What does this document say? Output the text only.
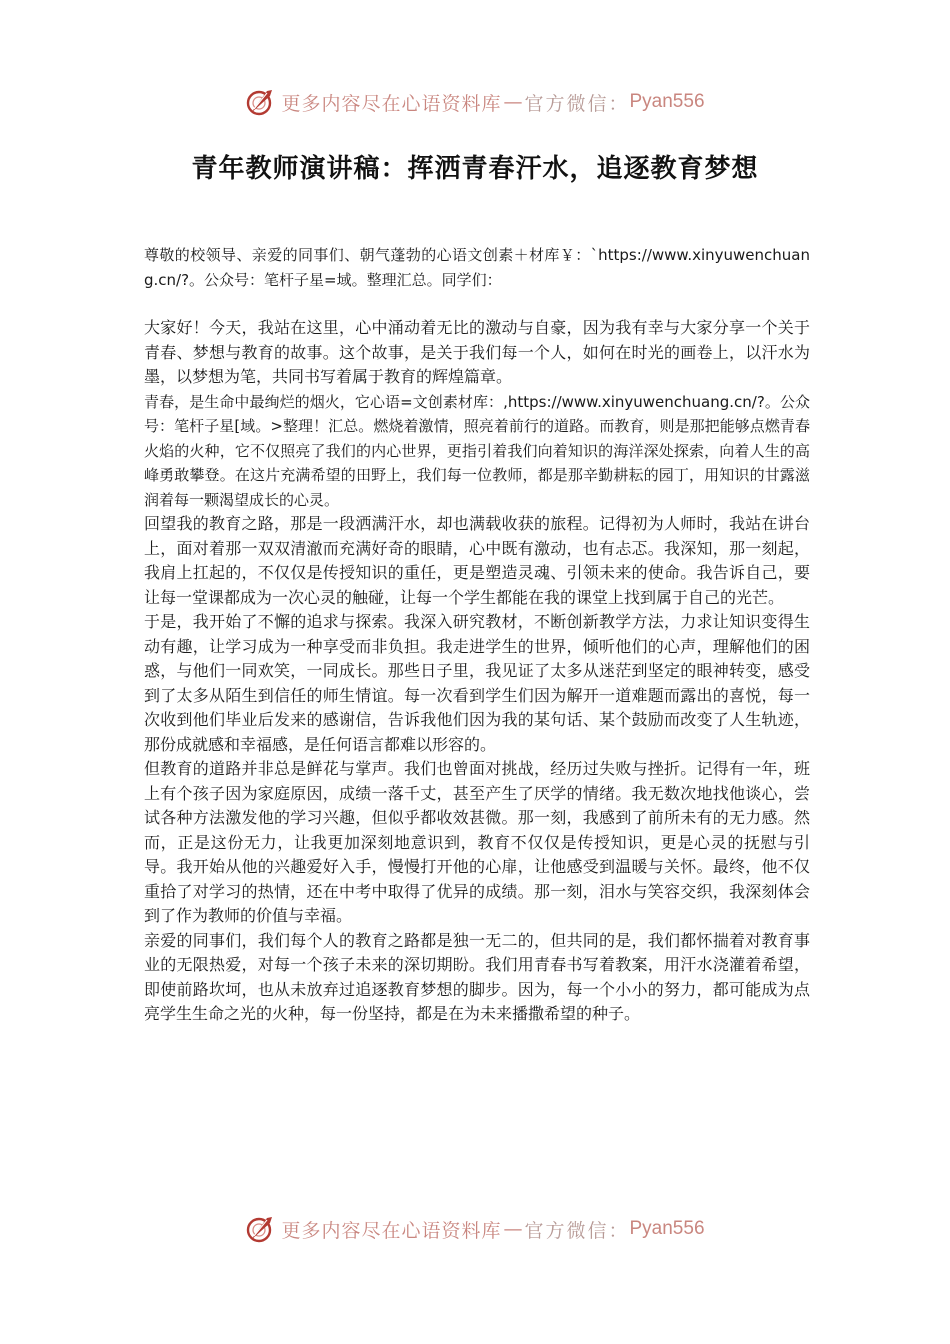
更多内容尽在心语资料库 — 官方微信： Pyan556
青年教师演讲稿：挥洒青春汗水，追逐教育梦想

尊敬的校领导、亲爱的同事们、朝气蓬勃的心语文创素＋材库￥：`https://www.xinyuwenchuang.cn/?。公众号：笔杆子星=域。整理汇总。同学们：

大家好！今天，我站在这里，心中涌动着无比的激动与自豪，因为我有幸与大家分享一个关于青春、梦想与教育的故事。这个故事，是关于我们每一个人，如何在时光的画卷上，以汗水为墨，以梦想为笔，共同书写着属于教育的辉煌篇章。

青春，是生命中最绚烂的烟火，它心语=文创素材库：,https://www.xinyuwenchuang.cn/?。公众号：笔杆子星[域。>整理！汇总。燃烧着激情，照亮着前行的道路。而教育，则是那把能够点燃青春火焰的火种，它不仅照亮了我们的内心世界，更指引着我们向着知识的海洋深处探索，向着人生的高峰勇敢攀登。在这片充满希望的田野上，我们每一位教师，都是那辛勤耕耘的园丁，用知识的甘露滋润着每一颗渴望成长的心灵。

回望我的教育之路，那是一段洒满汗水，却也满载收获的旅程。记得初为人师时，我站在讲台上，面对着那一双双清澈而充满好奇的眼睛，心中既有激动，也有忐忑。我深知，那一刻起，我肩上扛起的，不仅仅是传授知识的重任，更是塑造灵魂、引领未来的使命。我告诉自己，要让每一堂课都成为一次心灵的触碰，让每一个学生都能在我的课堂上找到属于自己的光芒。

于是，我开始了不懈的追求与探索。我深入研究教材，不断创新教学方法，力求让知识变得生动有趣，让学习成为一种享受而非负担。我走进学生的世界，倾听他们的心声，理解他们的困惑，与他们一同欢笑，一同成长。那些日子里，我见证了太多从迷茫到坚定的眼神转变，感受到了太多从陌生到信任的师生情谊。每一次看到学生们因为解开一道难题而露出的喜悦，每一次收到他们毕业后发来的感谢信，告诉我他们因为我的某句话、某个鼓励而改变了人生轨迹，那份成就感和幸福感，是任何语言都难以形容的。

但教育的道路并非总是鲜花与掌声。我们也曾面对挑战，经历过失败与挫折。记得有一年，班上有个孩子因为家庭原因，成绩一落千丈，甚至产生了厌学的情绪。我无数次地找他谈心，尝试各种方法激发他的学习兴趣，但似乎都收效甚微。那一刻，我感到了前所未有的无力感。然而，正是这份无力，让我更加深刻地意识到，教育不仅仅是传授知识，更是心灵的抚慰与引导。我开始从他的兴趣爱好入手，慢慢打开他的心扉，让他感受到温暖与关怀。最终，他不仅重拾了对学习的热情，还在中考中取得了优异的成绩。那一刻，泪水与笑容交织，我深刻体会到了作为教师的价值与幸福。

亲爱的同事们，我们每个人的教育之路都是独一无二的，但共同的是，我们都怀揣着对教育事业的无限热爱，对每一个孩子未来的深切期盼。我们用青春书写着教案，用汗水浇灌着希望，即使前路坎坷，也从未放弃过追逐教育梦想的脚步。因为，每一个小小的努力，都可能成为点亮学生生命之光的火种，每一份坚持，都是在为未来播撒希望的种子。

更多内容尽在心语资料库 — 官方微信： Pyan556
